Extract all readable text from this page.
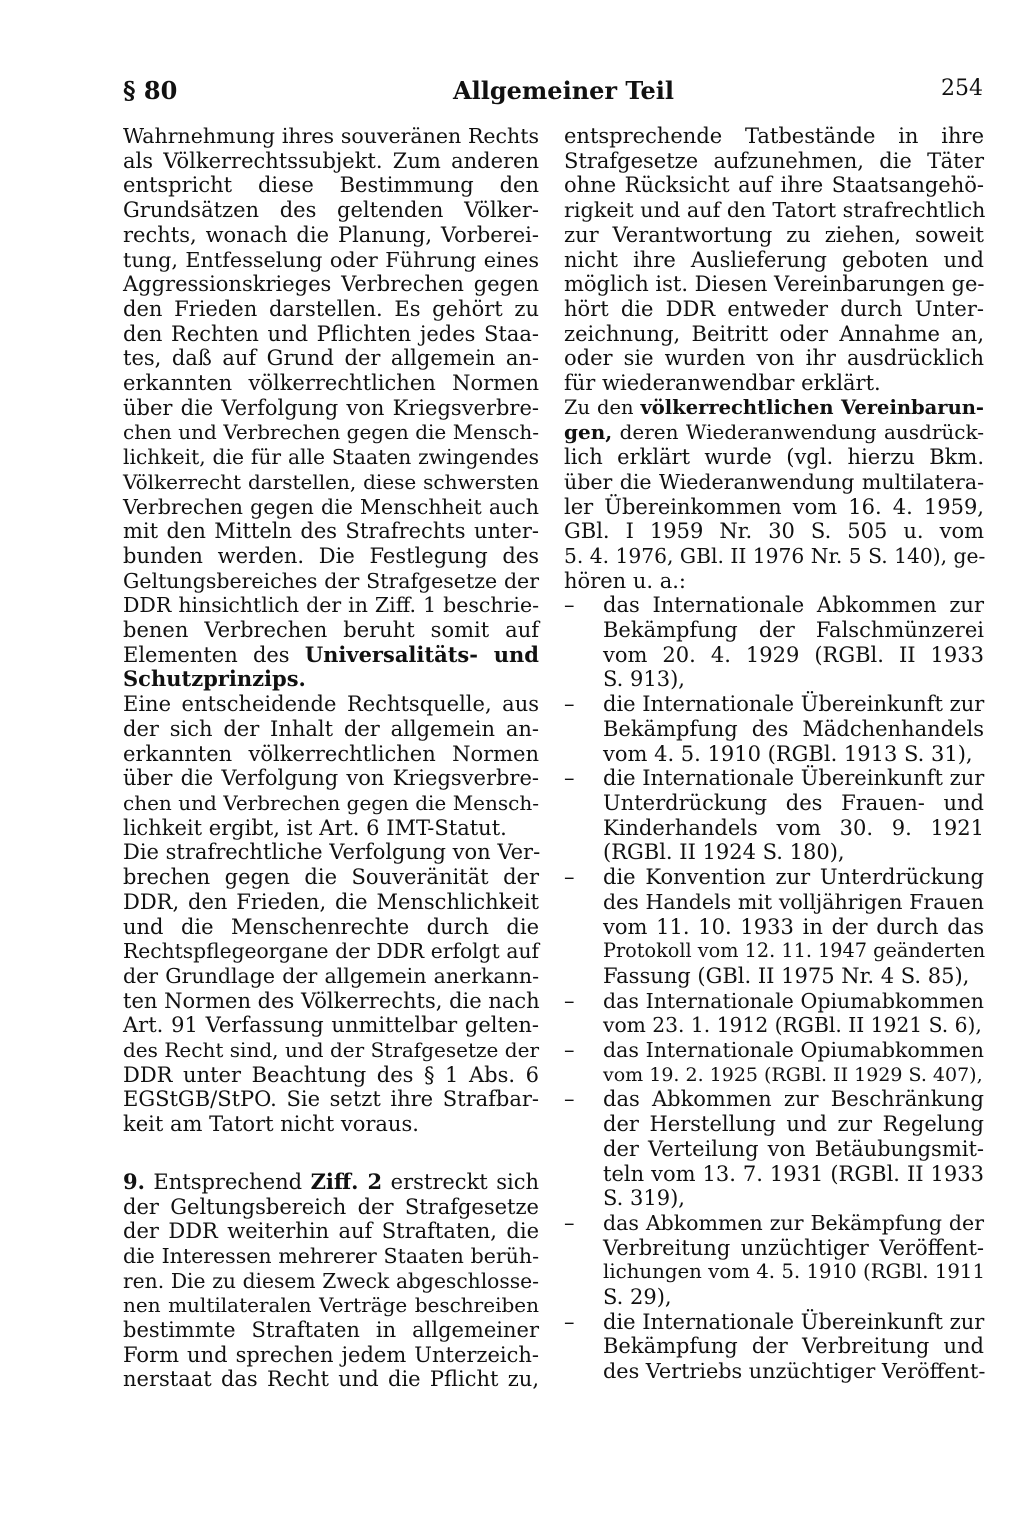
§ 80	Allgemeiner Teil	254
Wahrnehmung ihres souveränen Rechts
als Völkerrechtssubjekt. Zum anderen
entspricht diese Bestimmung den
Grundsätzen des geltenden Völker-
rechts, wonach die Planung, Vorberei-
tung, Entfesselung oder Führung eines
Aggressionskrieges Verbrechen gegen
den Frieden darstellen. Es gehört zu
den Rechten und Pflichten jedes Staa-
tes, daß auf Grund der allgemein an-
erkannten völkerrechtlichen Normen
über die Verfolgung von Kriegsverbre-
chen und Verbrechen gegen die Mensch-
lichkeit, die für alle Staaten zwingendes
Völkerrecht darstellen, diese schwersten
Verbrechen gegen die Menschheit auch
mit den Mitteln des Strafrechts unter-
bunden werden. Die Festlegung des
Geltungsbereiches der Strafgesetze der
DDR hinsichtlich der in Ziff. 1 beschrie-
benen Verbrechen beruht somit auf
Elementen des Universalitäts- und
Schutzprinzips.
Eine entscheidende Rechtsquelle, aus
der sich der Inhalt der allgemein an-
erkannten völkerrechtlichen Normen
über die Verfolgung von Kriegsverbre-
chen und Verbrechen gegen die Mensch-
lichkeit ergibt, ist Art. 6 IMT-Statut.
Die strafrechtliche Verfolgung von Ver-
brechen gegen die Souveränität der
DDR, den Frieden, die Menschlichkeit
und die Menschenrechte durch die
Rechtspflegeorgane der DDR erfolgt auf
der Grundlage der allgemein anerkann-
ten Normen des Völkerrechts, die nach
Art. 91 Verfassung unmittelbar gelten-
des Recht sind, und der Strafgesetze der
DDR unter Beachtung des § 1 Abs. 6
EGStGB/StPO. Sie setzt ihre Strafbar-
keit am Tatort nicht voraus.
9. Entsprechend Ziff. 2 erstreckt sich
der Geltungsbereich der Strafgesetze
der DDR weiterhin auf Straftaten, die
die Interessen mehrerer Staaten berüh-
ren. Die zu diesem Zweck abgeschlosse-
nen multilateralen Verträge beschreiben
bestimmte Straftaten in allgemeiner
Form und sprechen jedem Unterzeich-
nerstaat das Recht und die Pflicht zu,
entsprechende Tatbestände in ihre
Strafgesetze aufzunehmen, die Täter
ohne Rücksicht auf ihre Staatsangehö-
rigkeit und auf den Tatort strafrechtlich
zur Verantwortung zu ziehen, soweit
nicht ihre Auslieferung geboten und
möglich ist. Diesen Vereinbarungen ge-
hört die DDR entweder durch Unter-
zeichnung, Beitritt oder Annahme an,
oder sie wurden von ihr ausdrücklich
für wiederanwendbar erklärt.
Zu den völkerrechtlichen Vereinbarun-
gen, deren Wiederanwendung ausdrück-
lich erklärt wurde (vgl. hierzu Bkm.
über die Wiederanwendung multilatera-
ler Übereinkommen vom 16. 4. 1959,
GBl. I 1959 Nr. 30 S. 505 u. vom
5. 4. 1976, GBl. II 1976 Nr. 5 S. 140), ge-
hören u. a.:
– das Internationale Abkommen zur
Bekämpfung der Falschmünzerei
vom 20. 4. 1929 (RGBl. II 1933
S. 913),
– die Internationale Übereinkunft zur
Bekämpfung des Mädchenhandels
vom 4. 5. 1910 (RGBl. 1913 S. 31),
– die Internationale Übereinkunft zur
Unterdrückung des Frauen- und
Kinderhandels vom 30. 9. 1921
(RGBl. II 1924 S. 180),
– die Konvention zur Unterdrückung
des Handels mit volljährigen Frauen
vom 11. 10. 1933 in der durch das
Protokoll vom 12. 11. 1947 geänderten
Fassung (GBl. II 1975 Nr. 4 S. 85),
– das Internationale Opiumabkommen
vom 23. 1. 1912 (RGBl. II 1921 S. 6),
– das Internationale Opiumabkommen
vom 19. 2. 1925 (RGBl. II 1929 S. 407),
– das Abkommen zur Beschränkung
der Herstellung und zur Regelung
der Verteilung von Betäubungsmit-
teln vom 13. 7. 1931 (RGBl. II 1933
S. 319),
– das Abkommen zur Bekämpfung der
Verbreitung unzüchtiger Veröffent-
lichungen vom 4. 5. 1910 (RGBl. 1911
S. 29),
– die Internationale Übereinkunft zur
Bekämpfung der Verbreitung und
des Vertriebs unzüchtiger Veröffent-
